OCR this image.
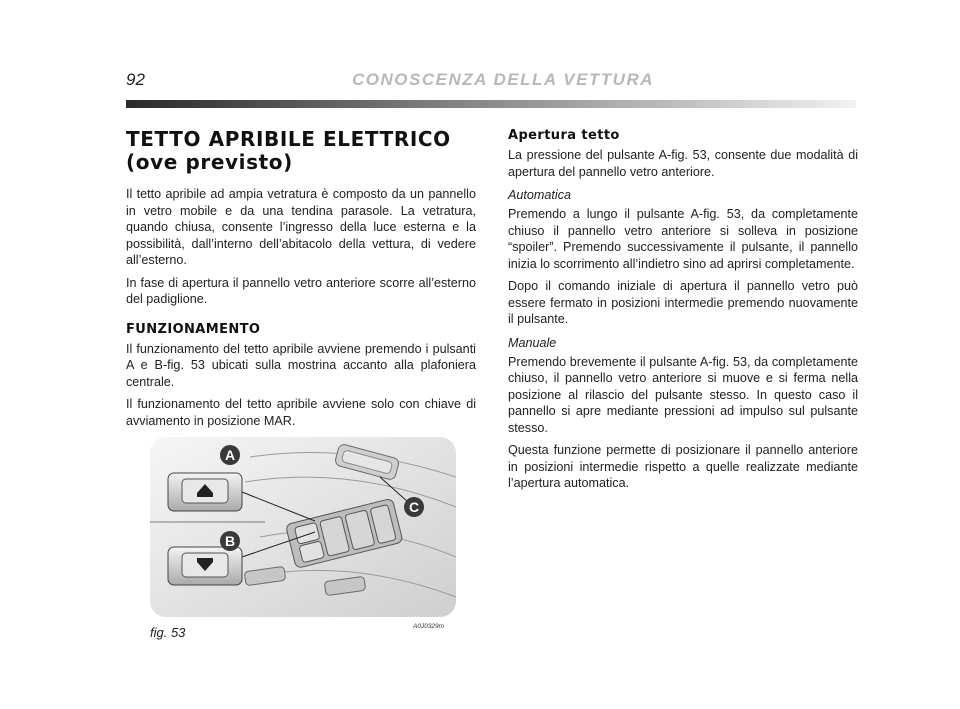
92	CONOSCENZA DELLA VETTURA
TETTO APRIBILE ELETTRICO
(ove previsto)

Il tetto apribile ad ampia vetratura è composto da un pannello in vetro mobile e da una tendina parasole. La vetratura, quando chiusa, consente l’ingresso della luce esterna e la possibilità, dall’interno dell’abitacolo della vettura, di vedere all’esterno.

In fase di apertura il pannello vetro anteriore scorre all’esterno del padiglione.

FUNZIONAMENTO

Il funzionamento del tetto apribile avviene premendo i pulsanti A e B-fig. 53 ubicati sulla mostrina accanto alla plafoniera centrale.

Il funzionamento del tetto apribile avviene solo con chiave di avviamento in posizione MAR.

Apertura tetto

La pressione del pulsante A-fig. 53, consente due modalità di apertura del pannello vetro anteriore.

Automatica

Premendo a lungo il pulsante A-fig. 53, da completamente chiuso il pannello vetro anteriore si solleva in posizione “spoiler”. Premendo successivamente il pulsante, il pannello inizia lo scorrimento all’indietro sino ad aprirsi completamente.

Dopo il comando iniziale di apertura il pannello vetro può essere fermato in posizioni intermedie premendo nuovamente il pulsante.

Manuale

Premendo brevemente il pulsante A-fig. 53, da completamente chiuso, il pannello vetro anteriore si muove e si ferma nella posizione al rilascio del pulsante stesso. In questo caso il pannello si apre mediante pressioni ad impulso sul pulsante stesso.

Questa funzione permette di posizionare il pannello anteriore in posizioni intermedie rispetto a quelle realizzate mediante l’apertura automatica.

A
B
C
fig. 53	A0J0329m
